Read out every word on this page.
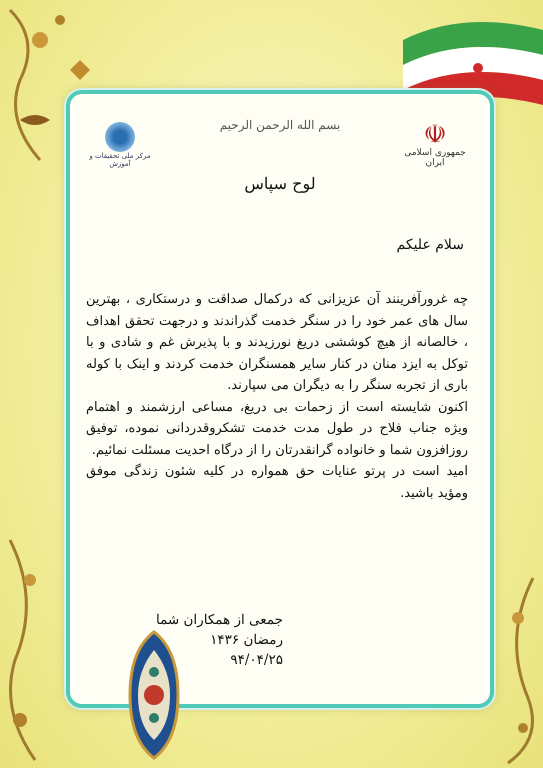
☫
جمهوری اسلامی ایران
بسم الله الرحمن الرحیم
مرکز ملی تحقیقات و آموزش
لوح سپاس
سلام علیکم

چه غرورآفرینند آن عزیزانی که درکمال صداقت و درستکاری ، بهترین سال های عمر خود را در سنگر خدمت گذراندند و درجهت تحقق اهداف ، خالصانه از هیچ کوششی دریغ نورزیدند و با پذیرش غم و شادی و با توکل به ایزد منان در کنار سایر همسنگران خدمت کردند و اینک با کوله باری از تجربه سنگر را به دیگران می سپارند.

اکنون شایسته است از زحمات بی دریغ، مساعی ارزشمند و اهتمام ویژه جناب فلاح در طول مدت خدمت تشکروقدردانی نموده، توفیق روزافزون شما و خانواده گرانقدرتان را از درگاه احدیت مسئلت نمائیم.

امید است در پرتو عنایات حق همواره در کلیه شئون زندگی موفق ومؤید باشید.

جمعی از همکاران شما
رمضان ۱۴۳۶
۹۴/۰۴/۲۵
